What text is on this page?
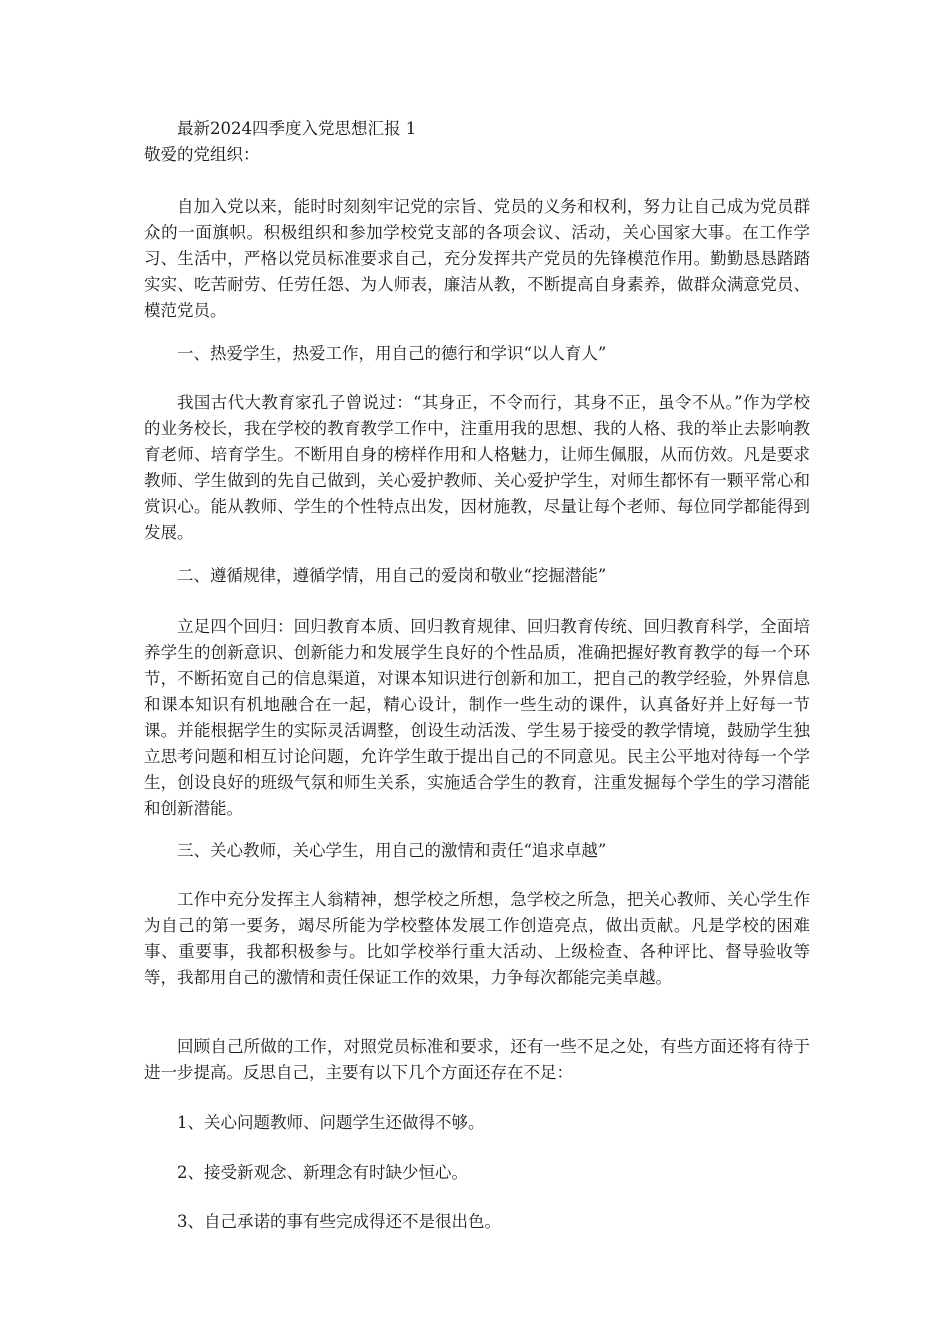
最新2024四季度入党思想汇报 1

敬爱的党组织：

自加入党以来，能时时刻刻牢记党的宗旨、党员的义务和权利，努力让自己成为党员群众的一面旗帜。积极组织和参加学校党支部的各项会议、活动，关心国家大事。在工作学习、生活中，严格以党员标准要求自己，充分发挥共产党员的先锋模范作用。勤勤恳恳踏踏实实、吃苦耐劳、任劳任怨、为人师表，廉洁从教，不断提高自身素养，做群众满意党员、模范党员。

一、热爱学生，热爱工作，用自己的德行和学识“以人育人”

我国古代大教育家孔子曾说过：“其身正，不令而行，其身不正，虽令不从。”作为学校的业务校长，我在学校的教育教学工作中，注重用我的思想、我的人格、我的举止去影响教育老师、培育学生。不断用自身的榜样作用和人格魅力，让师生佩服，从而仿效。凡是要求教师、学生做到的先自己做到，关心爱护教师、关心爱护学生，对师生都怀有一颗平常心和赏识心。能从教师、学生的个性特点出发，因材施教，尽量让每个老师、每位同学都能得到发展。

二、遵循规律，遵循学情，用自己的爱岗和敬业“挖掘潜能”

立足四个回归：回归教育本质、回归教育规律、回归教育传统、回归教育科学，全面培养学生的创新意识、创新能力和发展学生良好的个性品质，准确把握好教育教学的每一个环节，不断拓宽自己的信息渠道，对课本知识进行创新和加工，把自己的教学经验，外界信息和课本知识有机地融合在一起，精心设计，制作一些生动的课件，认真备好并上好每一节课。并能根据学生的实际灵活调整，创设生动活泼、学生易于接受的教学情境，鼓励学生独立思考问题和相互讨论问题，允许学生敢于提出自己的不同意见。民主公平地对待每一个学生，创设良好的班级气氛和师生关系，实施适合学生的教育，注重发掘每个学生的学习潜能和创新潜能。

三、关心教师，关心学生，用自己的激情和责任“追求卓越”

工作中充分发挥主人翁精神，想学校之所想，急学校之所急，把关心教师、关心学生作为自己的第一要务，竭尽所能为学校整体发展工作创造亮点，做出贡献。凡是学校的困难事、重要事，我都积极参与。比如学校举行重大活动、上级检查、各种评比、督导验收等等，我都用自己的激情和责任保证工作的效果，力争每次都能完美卓越。

回顾自己所做的工作，对照党员标准和要求，还有一些不足之处，有些方面还将有待于进一步提高。反思自己，主要有以下几个方面还存在不足：

1、关心问题教师、问题学生还做得不够。

2、接受新观念、新理念有时缺少恒心。

3、自己承诺的事有些完成得还不是很出色。
